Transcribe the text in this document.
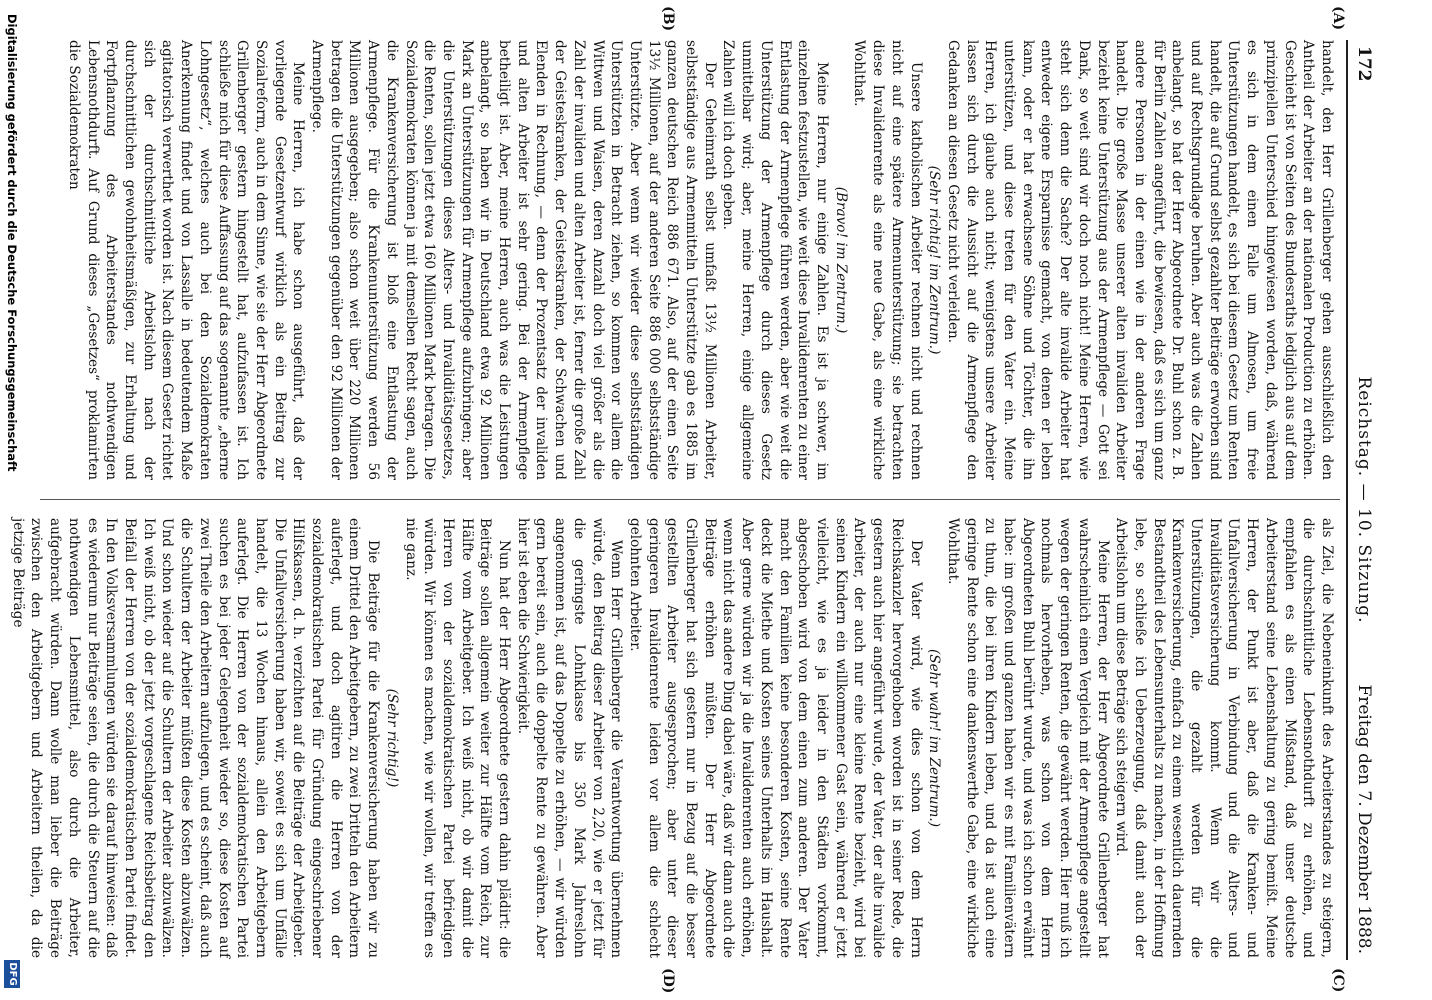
172
Reichstag. — 10. Sitzung.
Freitag den 7. Dezember 1888.
(A)
(B)
(C)
(D)

handelt, den Herr Grillenberger gehen ausschließlich den Antheil der Arbeiter an der nationalen Production zu erhöhen. Geschieht ist von Seiten des Bundesraths lediglich aus auf dem prinzipiellen Unterschied hingewiesen worden, daß, während es sich in dem einen Falle um Almosen, um freie Unterstützungen handelt, es sich bei diesem Gesetz um Renten handelt, die auf Grund selbst gezahlter Beiträge erworben sind und auf Rechtsgrundlage beruhen. Aber auch was die Zahlen anbelangt, so hat der Herr Abgeordnete Dr. Buhl schon z. B. für Berlin Zahlen angeführt, die bewiesen, daß es sich um ganz andere Personen in der einen wie in der anderen Frage handelt. Die große Masse unserer alten invaliden Arbeiter bezieht keine Unterstützung aus der Armenpflege — Gott sei Dank, so weit sind wir doch noch nicht! Meine Herren, wie steht sich denn die Sache? Der alte invalide Arbeiter hat entweder eigene Ersparnisse gemacht, von denen er leben kann, oder er hat erwachsene Söhne und Töchter, die ihn unterstützen, und diese treten für den Vater ein. Meine Herren, ich glaube auch nicht; wenigstens unsere Arbeiter lassen sich durch die Aussicht auf die Armenpflege den Gedanken an diesen Gesetz nicht verleiden.

(Sehr richtig! im Zentrum.)

Unsere katholischen Arbeiter rechnen nicht und rechnen nicht auf eine spätere Armenunterstützung; sie betrachten diese Invalidenrente als eine neue Gabe, als eine wirkliche Wohlthat.

(Bravo! im Zentrum.)

Meine Herren, nur einige Zahlen. Es ist ja schwer, im einzelnen festzustellen, wie weit diese Invalidenrenten zu einer Entlastung der Armenpflege führen werden, aber wie weit die Unterstützung der Armenpflege durch dieses Gesetz unmittelbar wird; aber, meine Herren, einige allgemeine Zahlen will ich doch geben.

Der Geheimrath selbst umfaßt 13½ Millionen Arbeiter, selbstständige aus Armenmitteln Unterstützte gab es 1885 im ganzen deutschen Reich 886 671. Also, auf der einen Seite 13½ Millionen, auf der anderen Seite 886 000 selbstständige Unterstützte. Aber wenn wir wieder diese selbstständigen Unterstützten in Betracht ziehen, so kommen vor allem die Wittwen und Waisen, deren Anzahl doch viel größer als die Zahl der invaliden und alten Arbeiter ist, ferner die große Zahl der Geisteskranken, der Geisteskranken, der Schwachen und Elenden in Rechnung, — denn der Prozentsatz der invaliden und alten Arbeiter ist sehr gering. Bei der Armenpflege betheiligt ist. Aber, meine Herren, auch was die Leistungen anbelangt, so haben wir in Deutschland etwa 92 Millionen Mark an Unterstützungen für Armenpflege aufzubringen; aber die Unterstützungen dieses Alters- und Invaliditätsgesetzes, die Renten, sollen jetzt etwa 160 Millionen Mark betragen. Die Sozialdemokraten können ja mit demselben Recht sagen, auch die Krankenversicherung ist bloß eine Entlastung der Armenpflege. Für die Krankenunterstützung werden 56 Millionen ausgegeben; also schon weit über 220 Millionen betragen die Unterstützungen gegenüber den 92 Millionen der Armenpflege.

Meine Herren, ich habe schon ausgeführt, daß der vorliegende Gesetzentwurf wirklich als ein Beitrag zur Sozialreform, auch in dem Sinne, wie sie der Herr Abgeordnete Grillenberger gestern hingestellt hat, aufzufassen ist. Ich schließe mich für diese Auffassung auf das sogenannte „eherne Lohngesetz“, welches auch bei den Sozialdemokraten Anerkennung findet und von Lassalle in bedeutendem Maße agitatorisch verwerthet worden ist. Nach diesem Gesetz richtet sich der durchschnittliche Arbeitslohn nach der durchschnittlichen gewohnheitsmäßigen, zur Erhaltung und Fortpflanzung des Arbeiterstandes nothwendigen Lebensnothdurft. Auf Grund dieses „Gesetzes“ proklamirten die Sozialdemokraten

als Ziel, die Nebeneinkunft des Arbeiterstandes zu steigern, die durchschnittliche Lebensnothdurft zu erhöhen, und empfahlen es als einen Mißstand, daß unser deutsche Arbeiterstand seine Lebenshaltung zu gering bemißt. Meine Herren, der Punkt ist aber, daß die Kranken- und Unfallversicherung in Verbindung und die Alters- und Invaliditätsversicherung kommt. Wenn wir die Unterstützungen, die gezahlt werden für die Krankenversicherung, einfach zu einem wesentlich dauernden Bestandtheil des Lebensunterhalts zu machen, in der Hoffnung lebe, so schließe ich Ueberzeugung, daß damit auch der Arbeitslohn um diese Beträge sich steigern wird.

Meine Herren, der Herr Abgeordnete Grillenberger hat wahrscheinlich einen Vergleich mit der Armenpflege angestellt wegen der geringen Renten, die gewährt werden. Hier muß ich nochmals hervorheben, was schon von dem Herrn Abgeordneten Buhl berührt wurde, und was ich schon erwähnt habe: im großen und ganzen haben wir es mit Familienvätern zu thun, die bei ihren Kindern leben, und da ist auch eine geringe Rente schon eine dankenswerthe Gabe, eine wirkliche Wohlthat.

(Sehr wahr! im Zentrum.)

Der Vater wird, wie dies schon von dem Herrn Reichskanzler hervorgehoben worden ist in seiner Rede, die gestern auch hier angeführt wurde, der Vater, der alte invalide Arbeiter, der auch nur eine kleine Rente bezieht, wird bei seinen Kindern ein willkommener Gast sein, während er jetzt vielleicht, wie es ja leider in den Städten vorkommt, abgeschoben wird von dem einen zum anderen. Der Vater macht den Familien keine besonderen Kosten, seine Rente deckt die Miethe und Kosten seines Unterhalts im Haushalt. Aber gerne würden wir ja die Invalidenrenten auch erhöhen, wenn nicht das andere Ding dabei wäre, daß wir dann auch die Beiträge erhöhen müßten. Der Herr Abgeordnete Grillenberger hat sich gestern nur in Bezug auf die besser gestellten Arbeiter ausgesprochen; aber unter dieser geringeren Invalidenrente leiden vor allem die schlecht gelohnten Arbeiter.

Wenn Herr Grillenberger die Verantwortung übernehmen würde, den Beitrag dieser Arbeiter von 2,20, wie er jetzt für die geringste Lohnklasse bis 350 Mark Jahreslohn angenommen ist, auf das Doppelte zu erhöhen, — wir würden gern bereit sein, auch die doppelte Rente zu gewähren. Aber hier ist eben die Schwierigkeit.

Nun hat der Herr Abgeordnete gestern dahin plädirt: die Beiträge sollen allgemein weiter zur Hälfte vom Reich, zur Hälfte vom Arbeitgeber. Ich weiß nicht, ob wir damit die Herren von der sozialdemokratischen Partei befriedigen würden. Wir können es machen, wie wir wollen, wir treffen es nie ganz.

(Sehr richtig!)

Die Beiträge für die Krankenversicherung haben wir zu einem Drittel den Arbeitgebern, zu zwei Dritteln den Arbeitern auferlegt, und doch agitiren die Herren von der sozialdemokratischen Partei für Gründung eingeschriebener Hilfskassen, d. h. verzichten auf die Beiträge der Arbeitgeber. Die Unfallversicherung haben wir, soweit es sich um Unfälle handelt, die 13 Wochen hinaus, allein den Arbeitgebern auferlegt. Die Herren von der sozialdemokratischen Partei suchen es bei jeder Gelegenheit wieder so, diese Kosten auf zwei Theile den Arbeitern aufzulegen, und es scheint, daß auch die Schultern der Arbeiter müßten diese Kosten abzuwälzen. Und schon wieder auf die Schultern der Arbeiter abzuwälzen. Ich weiß nicht, ob der jetzt vorgeschlagene Reichsbeitrag den Beifall der Herren von der sozialdemokratischen Partei findet. In den Volksversammlungen würden sie darauf hinweisen: daß es wiederum nur Beiträge seien, die durch die Steuern auf die nothwendigen Lebensmittel, also durch die Arbeiter, aufgebracht würden. Dann wolle man lieber die Beiträge zwischen den Arbeitgebern und Arbeitern theilen, da die jetzige Beiträge

Digitalisierung gefördert durch die Deutsche Forschungsgemeinschaft
DFG
